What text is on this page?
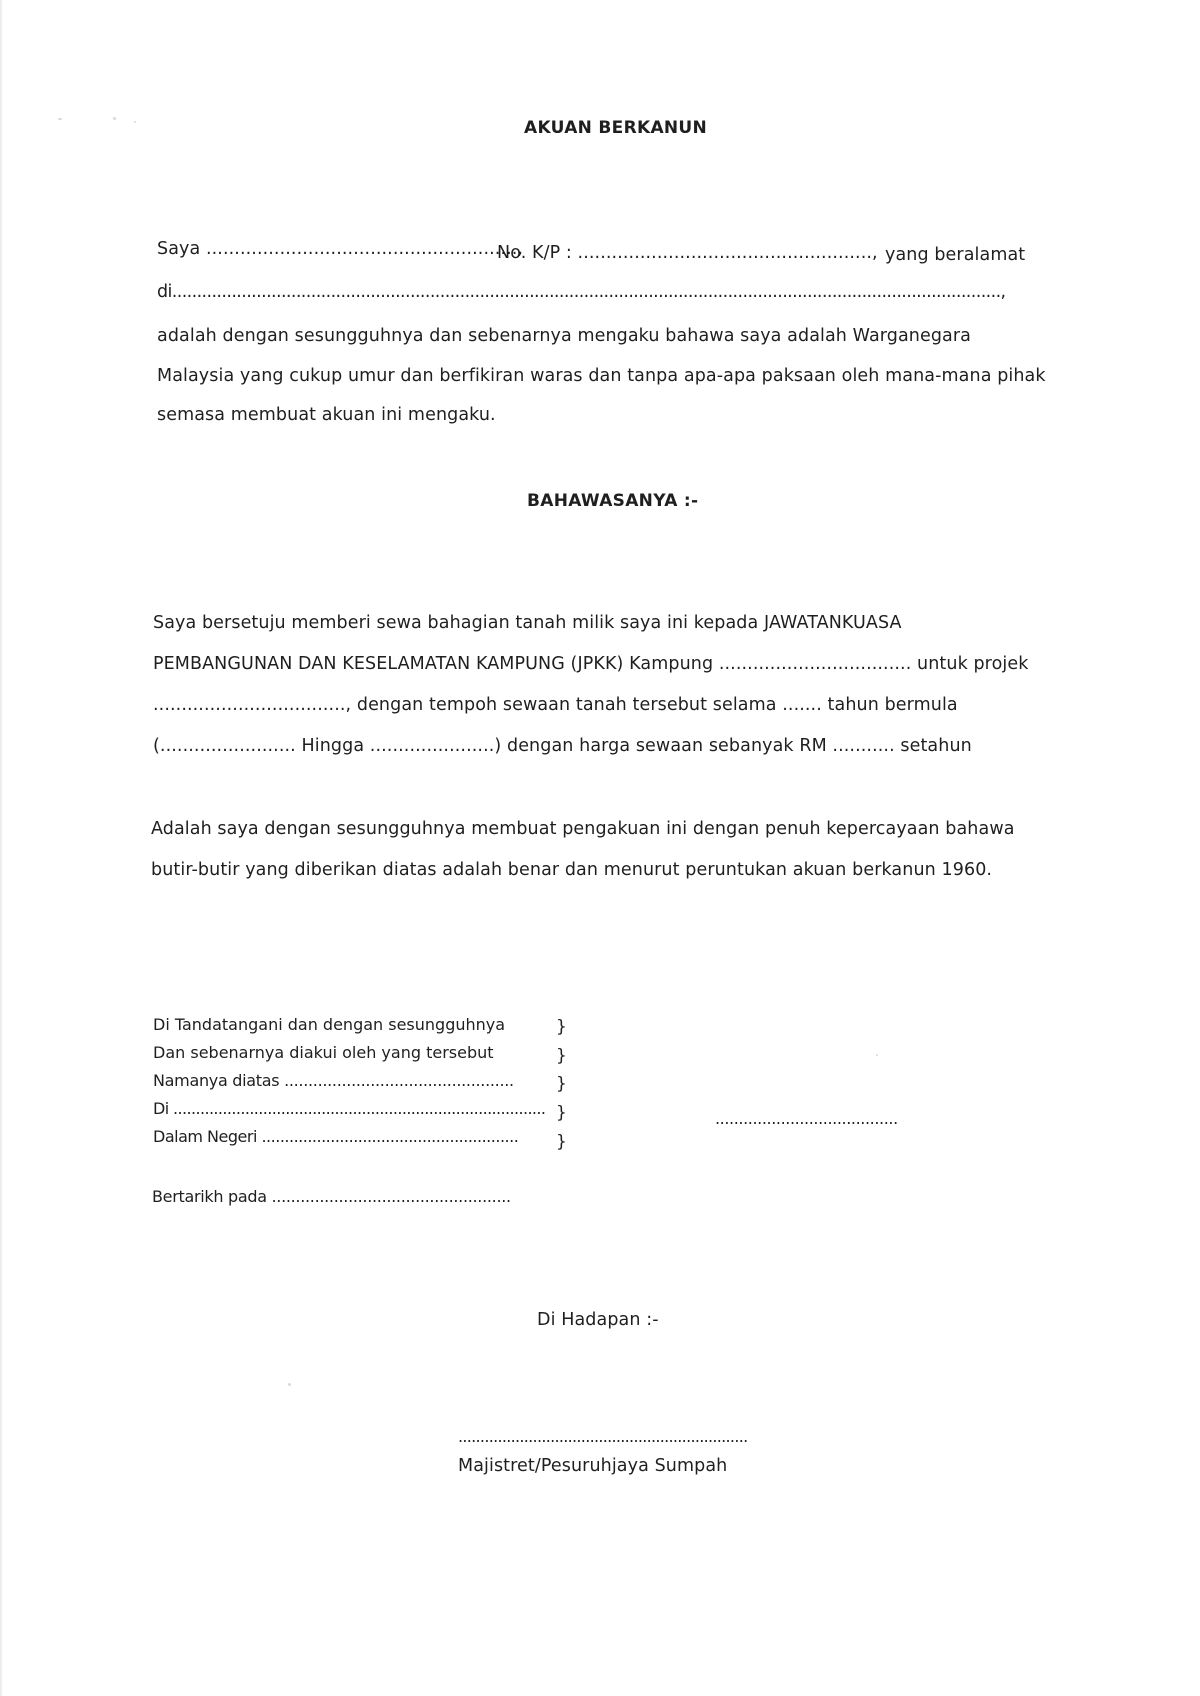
AKUAN BERKANUN
Saya .......................................................,
No. K/P : ...................................................., yang beralamat
di.......................................................................................................................................................................,
adalah dengan sesungguhnya dan sebenarnya mengaku bahawa saya adalah Warganegara
Malaysia yang cukup umur dan berfikiran waras dan tanpa apa-apa paksaan oleh mana-mana pihak
semasa membuat akuan ini mengaku.
BAHAWASANYA :-
Saya bersetuju memberi sewa bahagian tanah milik saya ini kepada JAWATANKUASA
PEMBANGUNAN DAN KESELAMATAN KAMPUNG (JPKK) Kampung .................................. untuk projek
.................................., dengan tempoh sewaan tanah tersebut selama ....... tahun bermula
(........................ Hingga ......................) dengan harga sewaan sebanyak RM ........... setahun
Adalah saya dengan sesungguhnya membuat pengakuan ini dengan penuh kepercayaan bahawa
butir-butir yang diberikan diatas adalah benar dan menurut peruntukan akuan berkanun 1960.
Di Tandatangani dan dengan sesungguhnya
Dan sebenarnya diakui oleh yang tersebut
Namanya diatas ................................................
Di ...................................................................................
Dalam Negeri ........................................................
}
}
}
}
}
.......................................
Bertarikh pada ..................................................
Di Hadapan :-
..................................................................
Majistret/Pesuruhjaya Sumpah
